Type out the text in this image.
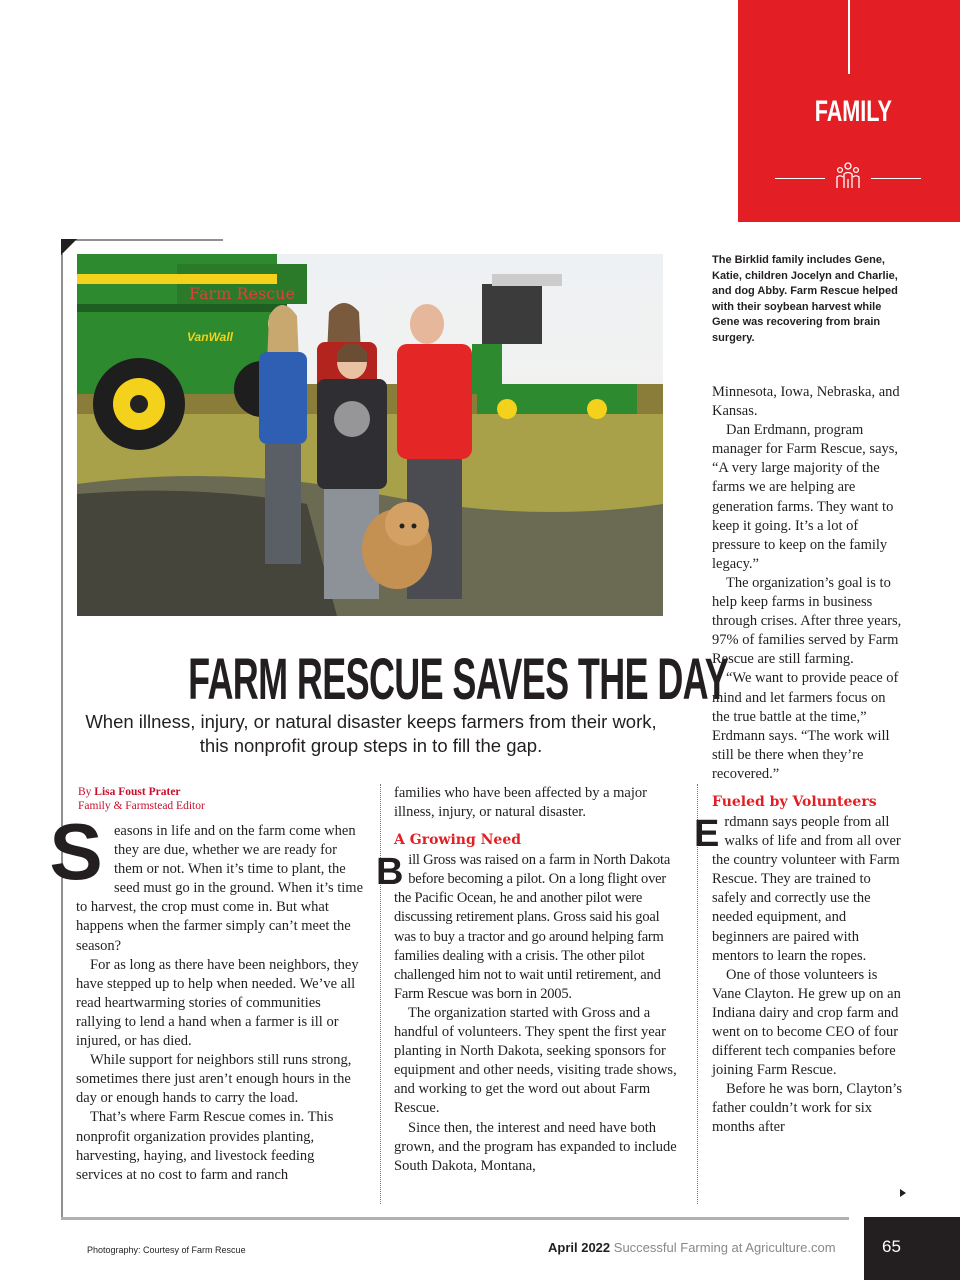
FAMILY
Farm Rescue
VanWall
The Birklid family includes Gene, Katie, children Jocelyn and Charlie, and dog Abby. Farm Rescue helped with their soybean harvest while Gene was recovering from brain surgery.
FARM RESCUE SAVES THE DAY
When illness, injury, or natural disaster keeps farmers from their work, this nonprofit group steps in to fill the gap.
By Lisa Foust Prater
Family & Farmstead Editor

Seasons in life and on the farm come when they are due, whether we are ready for them or not. When it’s time to plant, the seed must go in the ground. When it’s time to harvest, the crop must come in. But what happens when the farmer simply can’t meet the season?

For as long as there have been neighbors, they have stepped up to help when needed. We’ve all read heartwarming stories of communities rallying to lend a hand when a farmer is ill or injured, or has died.

While support for neighbors still runs strong, sometimes there just aren’t enough hours in the day or enough hands to carry the load.

That’s where Farm Rescue comes in. This nonprofit organization provides planting, harvesting, haying, and livestock feeding services at no cost to farm and ranch

families who have been affected by a major illness, injury, or natural disaster.

A Growing Need

Bill Gross was raised on a farm in North Dakota before becoming a pilot. On a long flight over the Pacific Ocean, he and another pilot were discussing retirement plans. Gross said his goal was to buy a tractor and go around helping farm families dealing with a crisis. The other pilot challenged him not to wait until retirement, and Farm Rescue was born in 2005.

The organization started with Gross and a handful of volunteers. They spent the first year planting in North Dakota, seeking sponsors for equipment and other needs, visiting trade shows, and working to get the word out about Farm Rescue.

Since then, the interest and need have both grown, and the program has expanded to include South Dakota, Montana,

Minnesota, Iowa, Nebraska, and Kansas.

Dan Erdmann, program manager for Farm Rescue, says, “A very large majority of the farms we are helping are generation farms. They want to keep it going. It’s a lot of pressure to keep on the family legacy.”

The organization’s goal is to help keep farms in business through crises. After three years, 97% of families served by Farm Rescue are still farming.

“We want to provide peace of mind and let farmers focus on the true battle at the time,” Erdmann says. “The work will still be there when they’re recovered.”

Fueled by Volunteers

Erdmann says people from all walks of life and from all over the country volunteer with Farm Rescue. They are trained to safely and correctly use the needed equipment, and beginners are paired with mentors to learn the ropes.

One of those volunteers is Vane Clayton. He grew up on an Indiana dairy and crop farm and went on to become CEO of four different tech companies before joining Farm Rescue.

Before he was born, Clayton’s father couldn’t work for six months after

Photography: Courtesy of Farm Rescue	April 2022 Successful Farming at Agriculture.com	65
